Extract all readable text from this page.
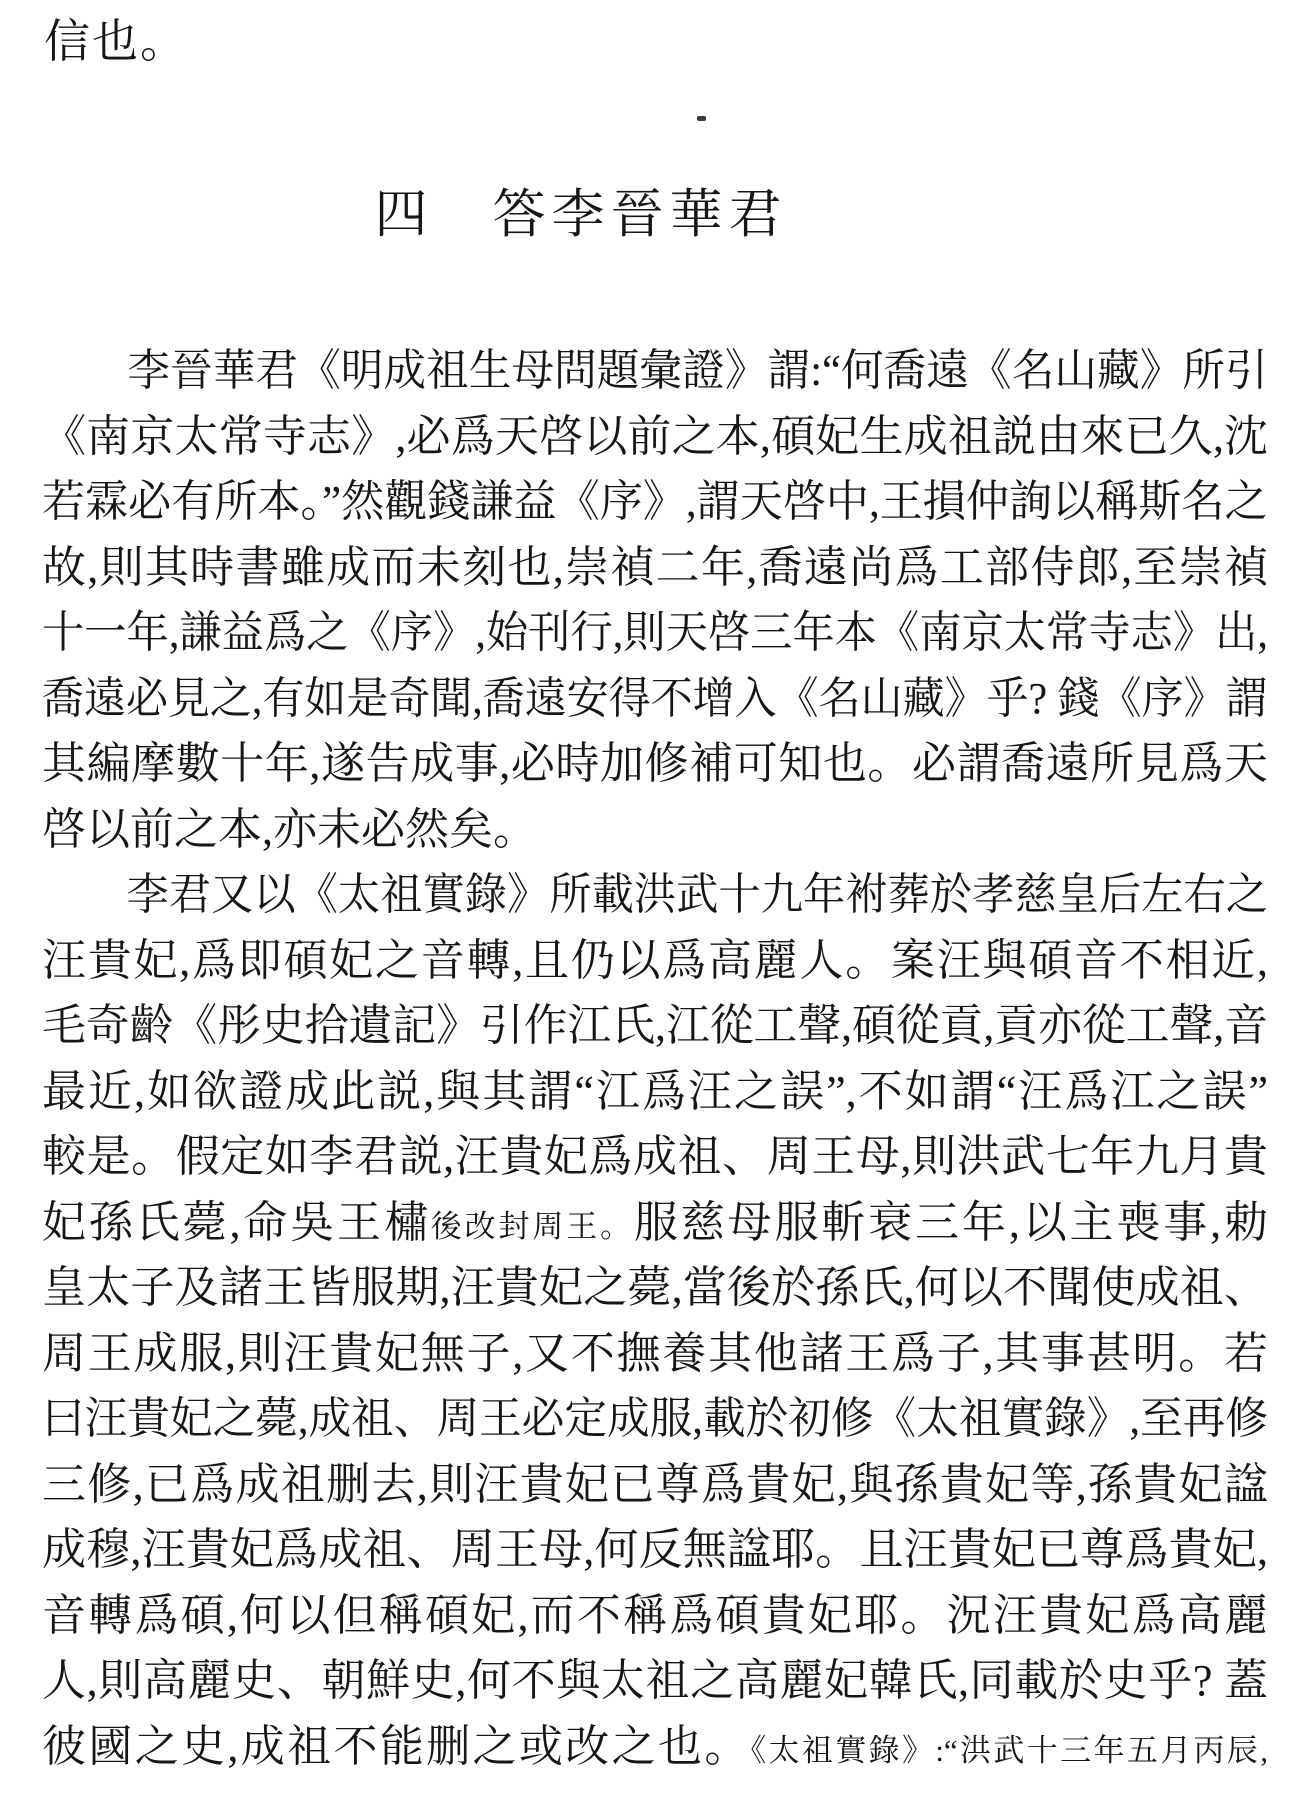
信也。
四　答李晉華君
李晉華君《明成祖生母問題彙證》謂:“何喬遠《名山藏》所引
《南京太常寺志》,必爲天啓以前之本,碩妃生成祖説由來已久,沈
若霖必有所本。”然觀錢謙益《序》,謂天啓中,王損仲詢以稱斯名之
故,則其時書雖成而未刻也,崇禎二年,喬遠尚爲工部侍郎,至崇禎
十一年,謙益爲之《序》,始刊行,則天啓三年本《南京太常寺志》出,
喬遠必見之,有如是奇聞,喬遠安得不增入《名山藏》乎? 錢《序》謂
其編摩數十年,遂告成事,必時加修補可知也。必謂喬遠所見爲天
啓以前之本,亦未必然矣。
李君又以《太祖實錄》所載洪武十九年袝葬於孝慈皇后左右之
汪貴妃,爲即碩妃之音轉,且仍以爲高麗人。案汪與碩音不相近,
毛奇齡《彤史拾遺記》引作江氏,江從工聲,碩從貢,貢亦從工聲,音
最近,如欲證成此説,與其謂“江爲汪之誤”,不如謂“汪爲江之誤”
較是。假定如李君説,汪貴妃爲成祖、周王母,則洪武七年九月貴
妃孫氏薨,命吳王橚後改封周王。服慈母服斬衰三年,以主喪事,勅
皇太子及諸王皆服期,汪貴妃之薨,當後於孫氏,何以不聞使成祖、
周王成服,則汪貴妃無子,又不撫養其他諸王爲子,其事甚明。若
曰汪貴妃之薨,成祖、周王必定成服,載於初修《太祖實錄》,至再修
三修,已爲成祖删去,則汪貴妃已尊爲貴妃,與孫貴妃等,孫貴妃諡
成穆,汪貴妃爲成祖、周王母,何反無諡耶。且汪貴妃已尊爲貴妃,
音轉爲碩,何以但稱碩妃,而不稱爲碩貴妃耶。況汪貴妃爲高麗
人,則高麗史、朝鮮史,何不與太祖之高麗妃韓氏,同載於史乎? 蓋
彼國之史,成祖不能删之或改之也。《太祖實錄》:“洪武十三年五月丙辰,
